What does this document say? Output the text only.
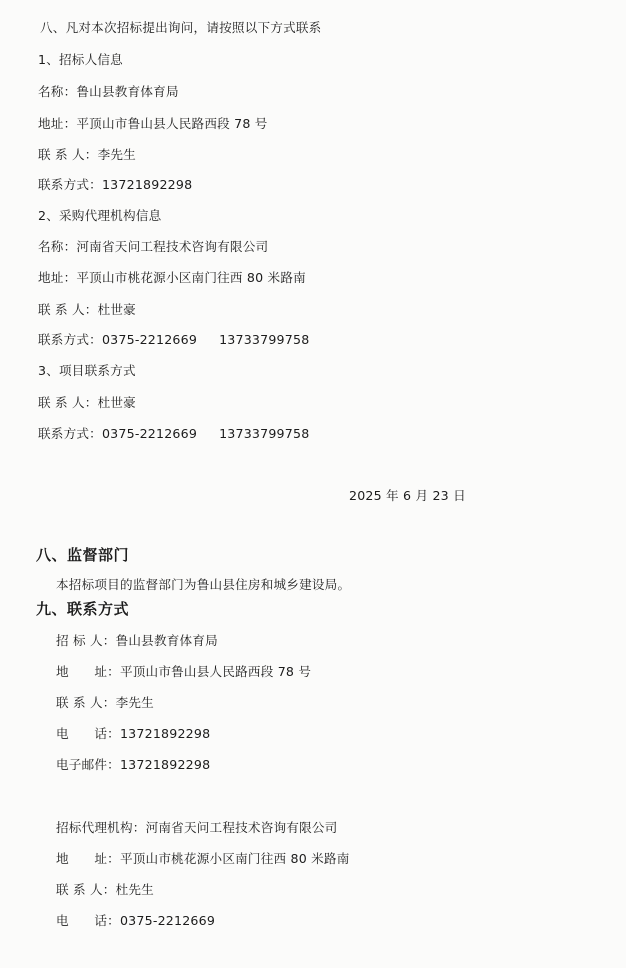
八、凡对本次招标提出询问，请按照以下方式联系
1、招标人信息
名称：鲁山县教育体育局
地址：平顶山市鲁山县人民路西段 78 号
联 系 人：李先生
联系方式：13721892298
2、采购代理机构信息
名称：河南省天问工程技术咨询有限公司
地址：平顶山市桃花源小区南门往西 80 米路南
联 系 人：杜世豪
联系方式：0375-2212669 13733799758
3、项目联系方式
联 系 人：杜世豪
联系方式：0375-2212669 13733799758
2025 年 6 月 23 日
八、监督部门
本招标项目的监督部门为鲁山县住房和城乡建设局。
九、联系方式
招 标 人：鲁山县教育体育局
地　　址：平顶山市鲁山县人民路西段 78 号
联 系 人：李先生
电　　话：13721892298
电子邮件：13721892298
招标代理机构：河南省天问工程技术咨询有限公司
地　　址：平顶山市桃花源小区南门往西 80 米路南
联 系 人：杜先生
电　　话：0375-2212669
